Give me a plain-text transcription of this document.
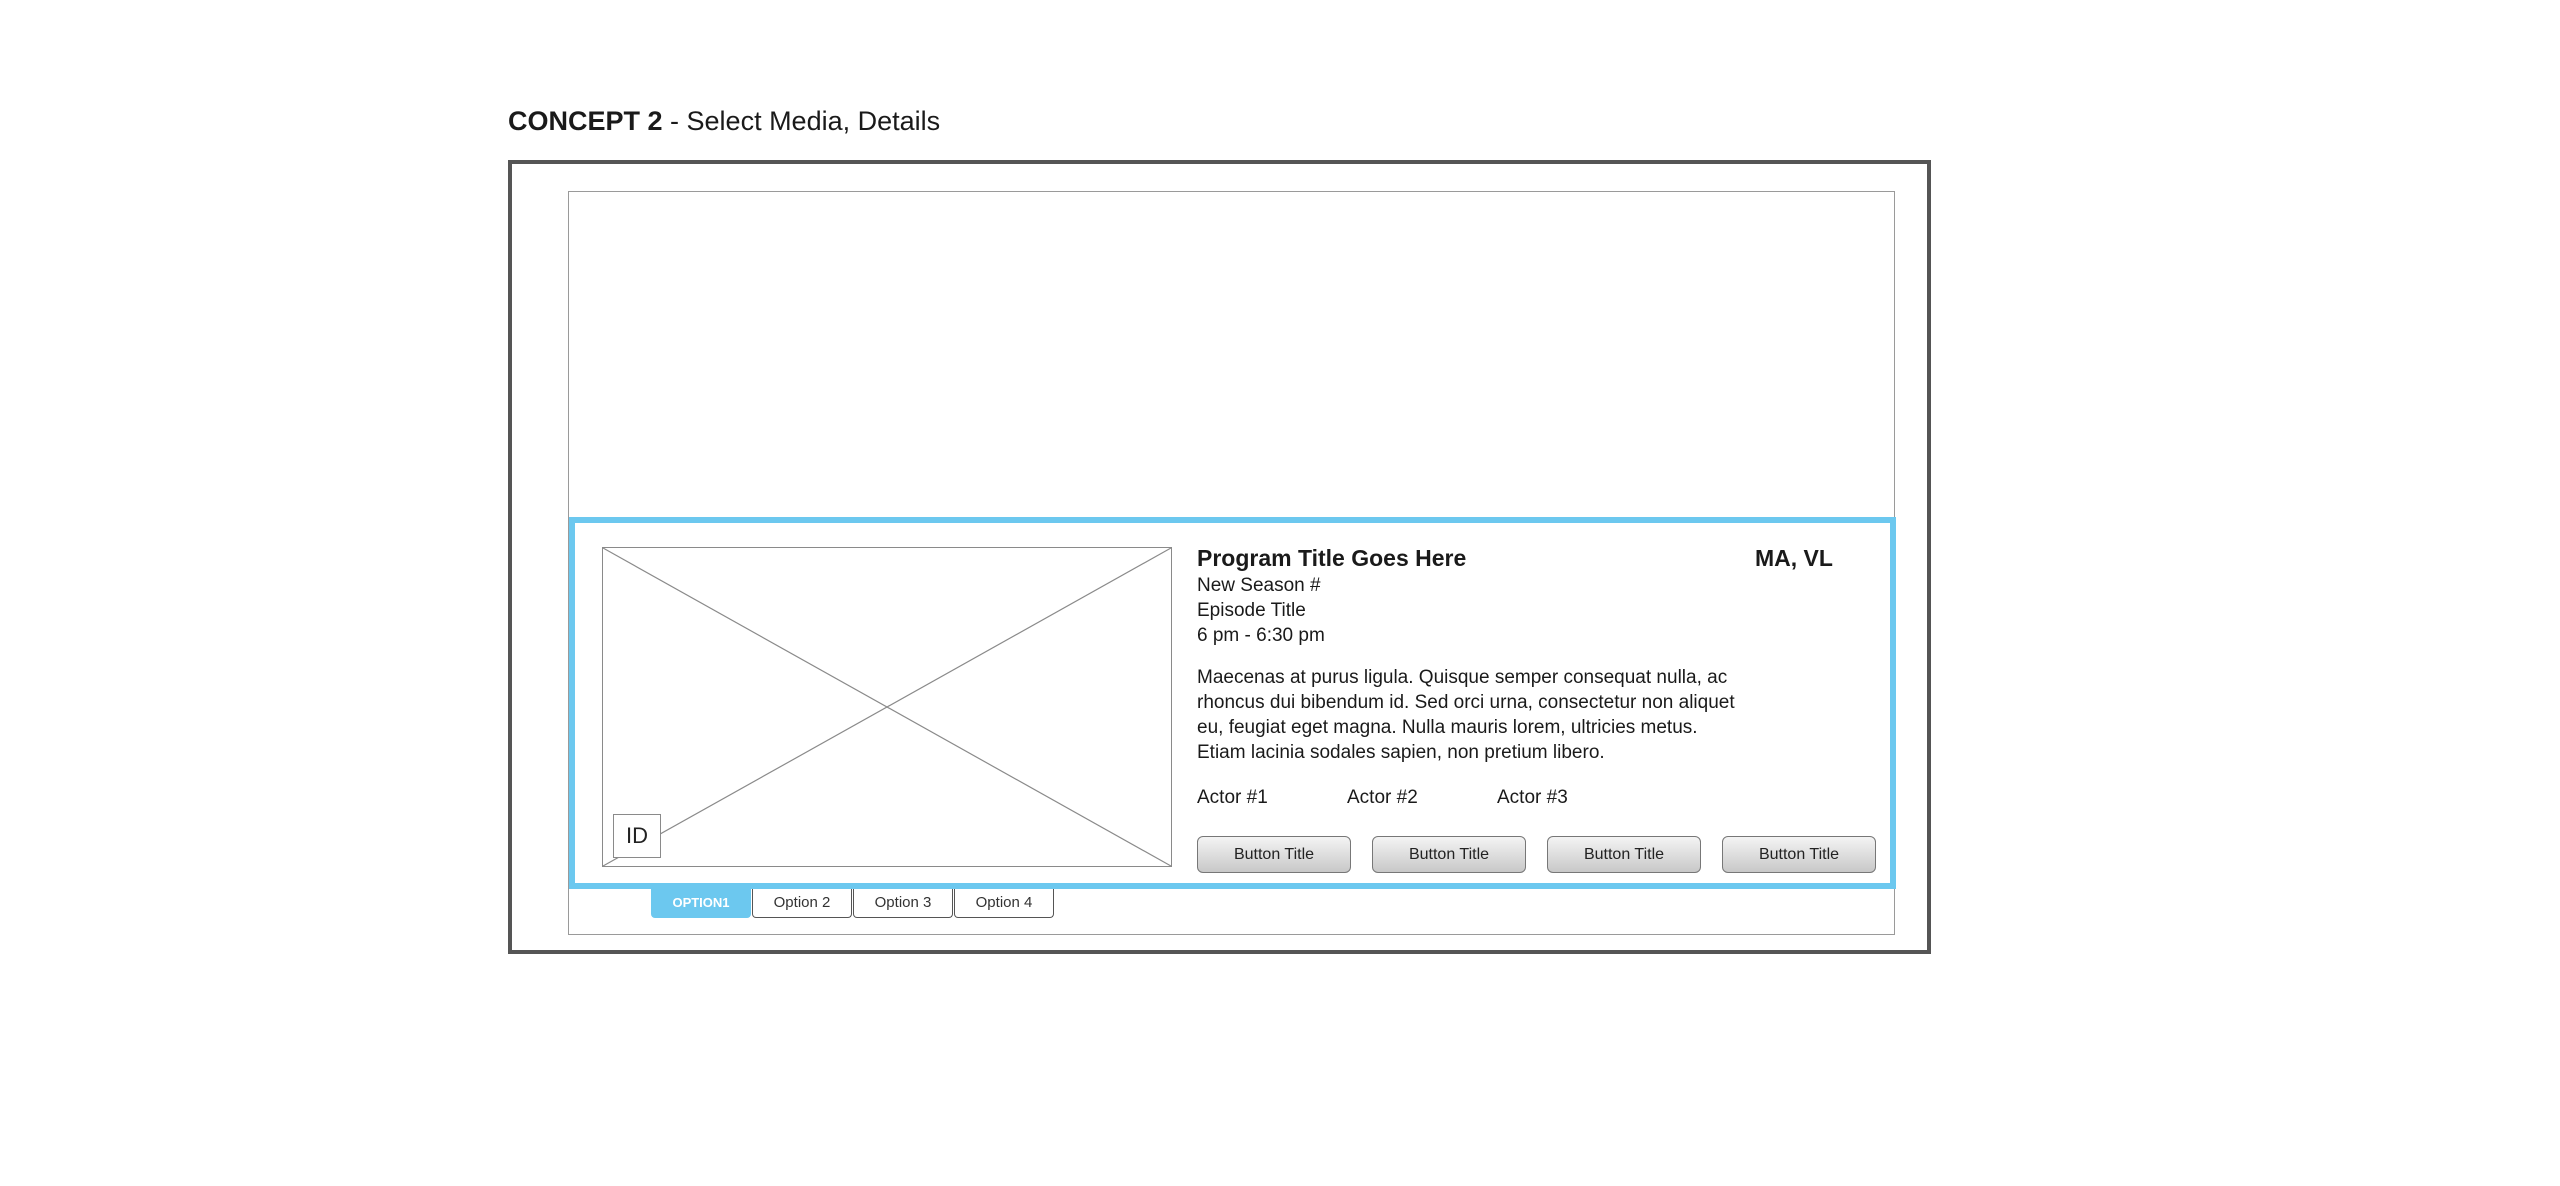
CONCEPT 2 - Select Media, Details
ID
Program Title Goes Here
New Season #
Episode Title
6 pm - 6:30 pm
Maecenas at purus ligula. Quisque semper consequat nulla, ac rhoncus dui bibendum id. Sed orci urna, consectetur non aliquet eu, feugiat eget magna. Nulla mauris lorem, ultricies metus. Etiam lacinia sodales sapien, non pretium libero.
Actor #1	Actor #2	Actor #3
MA, VL
Button Title	Button Title	Button Title	Button Title
OPTION1	Option 2	Option 3	Option 4
